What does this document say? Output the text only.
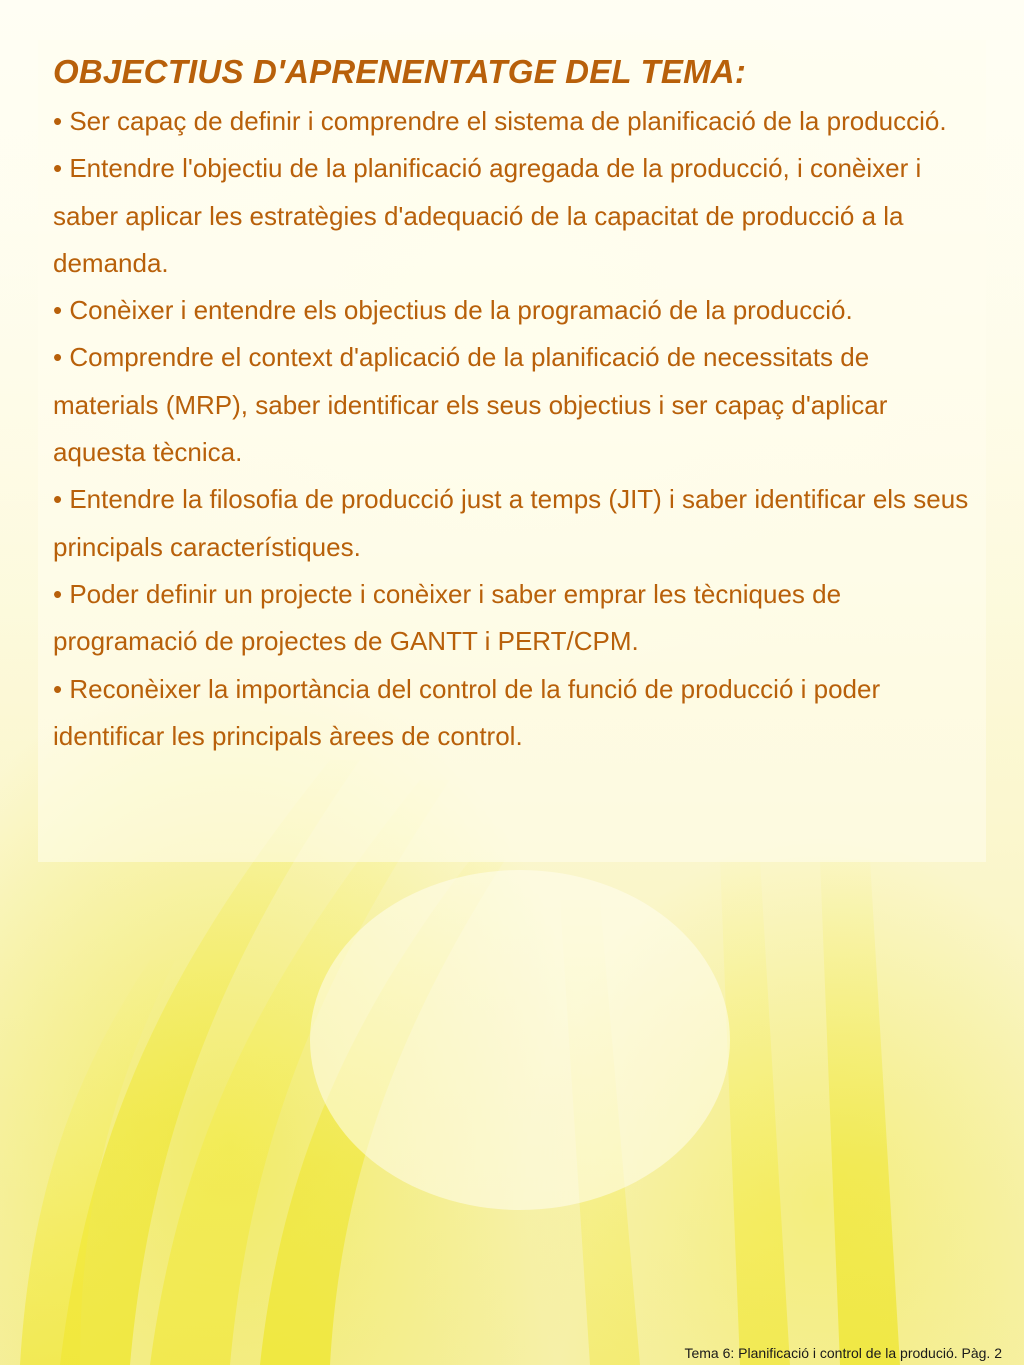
OBJECTIUS D'APRENENTATGE DEL TEMA:
• Ser capaç de definir i comprendre el sistema de planificació de la producció.
• Entendre l'objectiu de la planificació agregada de la producció, i conèixer i saber aplicar les estratègies d'adequació de la capacitat de producció a la demanda.
• Conèixer i entendre els objectius de la programació de la producció.
• Comprendre el context d'aplicació de la planificació de necessitats de materials (MRP), saber identificar els seus objectius i ser capaç d'aplicar aquesta tècnica.
• Entendre la filosofia de producció just a temps (JIT) i saber identificar els seus principals característiques.
• Poder definir un projecte i conèixer i saber emprar les tècniques de programació de projectes de GANTT i PERT/CPM.
• Reconèixer la importància del control de la funció de producció i poder identificar les principals àrees de control.
Tema 6: Planificació i control de la produció. Pàg. 2
